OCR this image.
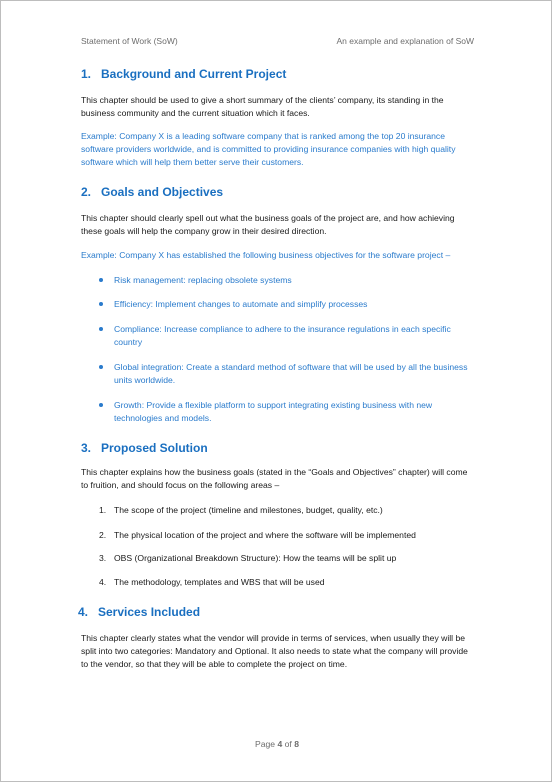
Statement of Work (SoW)	An example and explanation of SoW
1. Background and Current Project

This chapter should be used to give a short summary of the clients’ company, its standing in the business community and the current situation which it faces.

Example: Company X is a leading software company that is ranked among the top 20 insurance software providers worldwide, and is committed to providing insurance companies with high quality software which will help them better serve their customers.

2. Goals and Objectives

This chapter should clearly spell out what the business goals of the project are, and how achieving these goals will help the company grow in their desired direction.

Example: Company X has established the following business objectives for the software project –

Risk management: replacing obsolete systems
Efficiency: Implement changes to automate and simplify processes
Compliance: Increase compliance to adhere to the insurance regulations in each specific country
Global integration: Create a standard method of software that will be used by all the business units worldwide.
Growth: Provide a flexible platform to support integrating existing business with new technologies and models.
3. Proposed Solution

This chapter explains how the business goals (stated in the “Goals and Objectives” chapter) will come to fruition, and should focus on the following areas –

1. The scope of the project (timeline and milestones, budget, quality, etc.)
2. The physical location of the project and where the software will be implemented
3. OBS (Organizational Breakdown Structure): How the teams will be split up
4. The methodology, templates and WBS that will be used
4. Services Included

This chapter clearly states what the vendor will provide in terms of services, when usually they will be split into two categories: Mandatory and Optional. It also needs to state what the company will provide to the vendor, so that they will be able to complete the project on time.

Page 4 of 8
